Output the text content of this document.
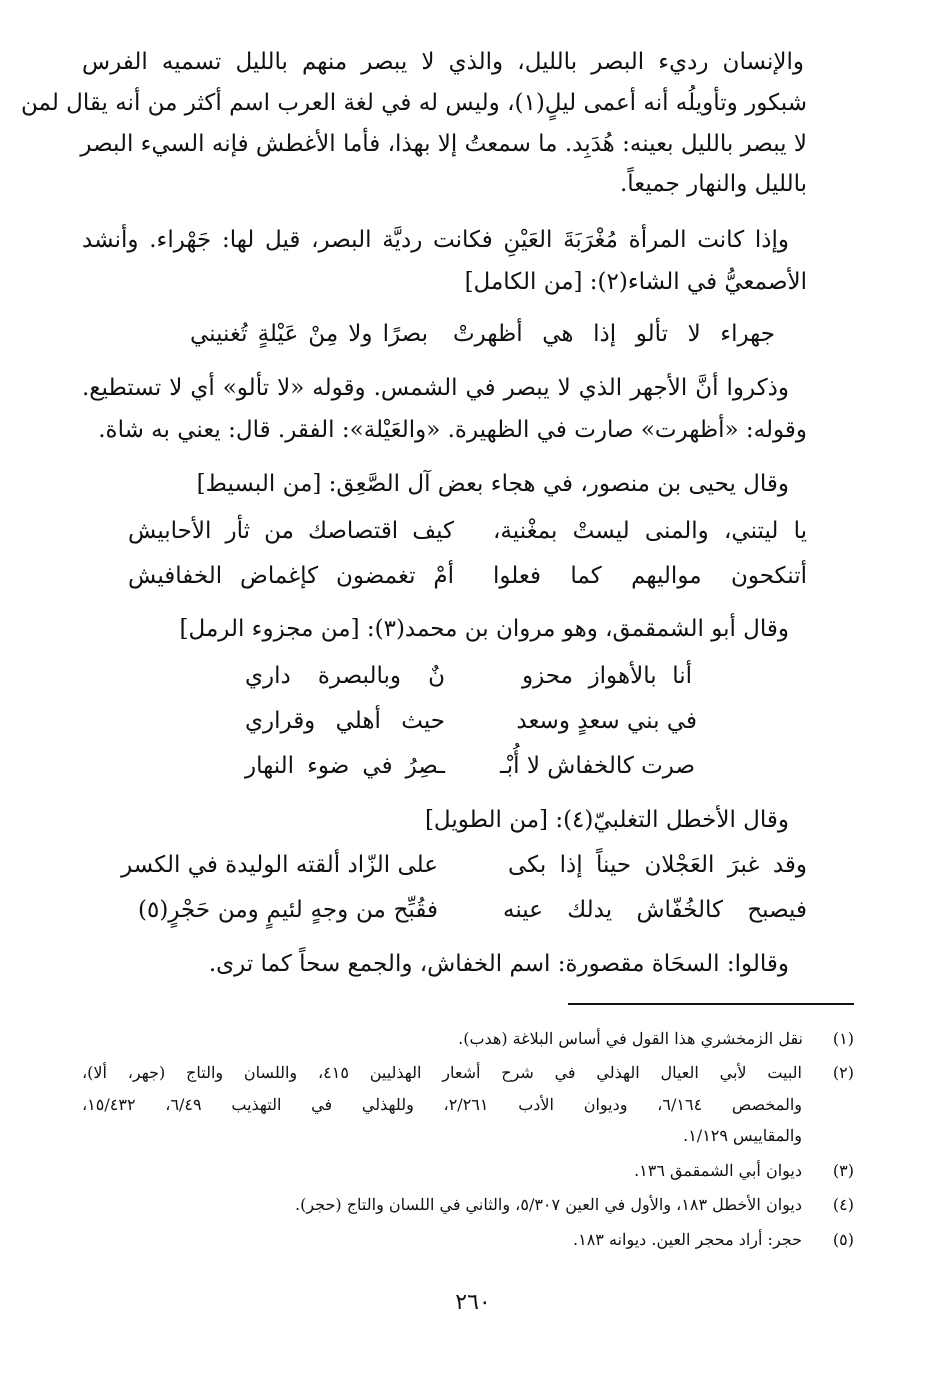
والإنسان رديء البصر بالليل، والذي لا يبصر منهم بالليل تسميه الفرس
شبكور وتأويلُه أنه أعمى ليلٍ(١)، وليس له في لغة العرب اسم أكثر من أنه يقال لمن
لا يبصر بالليل بعينه: هُدَبِد. ما سمعتُ إلا بهذا، فأما الأغطش فإنه السيء البصر
بالليل والنهار جميعاً.
وإذا كانت المرأة مُغْرَبَةَ العَيْنِ فكانت رديَّة البصر، قيل لها: جَهْراء. وأنشد
الأصمعيُّ في الشاء(٢): [من الكامل]
جهراء لا تألو إذا هي أظهرتْ
بصرًا ولا مِنْ عَيْلةٍ تُغنيني
وذكروا أنَّ الأجهر الذي لا يبصر في الشمس. وقوله «لا تألو» أي لا تستطيع.
وقوله: «أظهرت» صارت في الظهيرة. «والعَيْلة»: الفقر. قال: يعني به شاة.
وقال يحيى بن منصور، في هجاء بعض آل الصَّعِق: [من البسيط]
يا ليتني، والمنى ليستْ بمغْنية،
كيف اقتصاصك من ثأر الأحابيش
أتنكحون مواليهم كما فعلوا
أمْ تغمضون كإغماض الخفافيش
وقال أبو الشمقمق، وهو مروان بن محمد(٣): [من مجزوء الرمل]
أنا بالأهواز محزو
نٌ وبالبصرة داري
في بني سعدٍ وسعد
حيث أهلي وقراري
صرت كالخفاش لا أُبْـ
ـصِرُ في ضوء النهار
وقال الأخطل التغلبيّ(٤): [من الطويل]
وقد غبرَ العَجْلان حيناً إذا بكى
على الزّاد ألقته الوليدة في الكسر
فيصبح كالخُفّاش يدلك عينه
فقُبِّح من وجهٍ لئيمٍ ومن حَجْرٍ(٥)
وقالوا: السحَاة مقصورة: اسم الخفاش، والجمع سحاً كما ترى.
(١)
نقل الزمخشري هذا القول في أساس البلاغة (هدب).
(٢)
البيت لأبي العيال الهذلي في شرح أشعار الهذليين ٤١٥، واللسان والتاج (جهر، ألا)،
والمخصص ٦/١٦٤، وديوان الأدب ٢/٢٦١، وللهذلي في التهذيب ٦/٤٩، ١٥/٤٣٢،
والمقاييس ١/١٢٩.
(٣)
ديوان أبي الشمقمق ١٣٦.
(٤)
ديوان الأخطل ١٨٣، والأول في العين ٥/٣٠٧، والثاني في اللسان والتاج (حجر).
(٥)
حجر: أراد محجر العين. ديوانه ١٨٣.
٢٦٠
